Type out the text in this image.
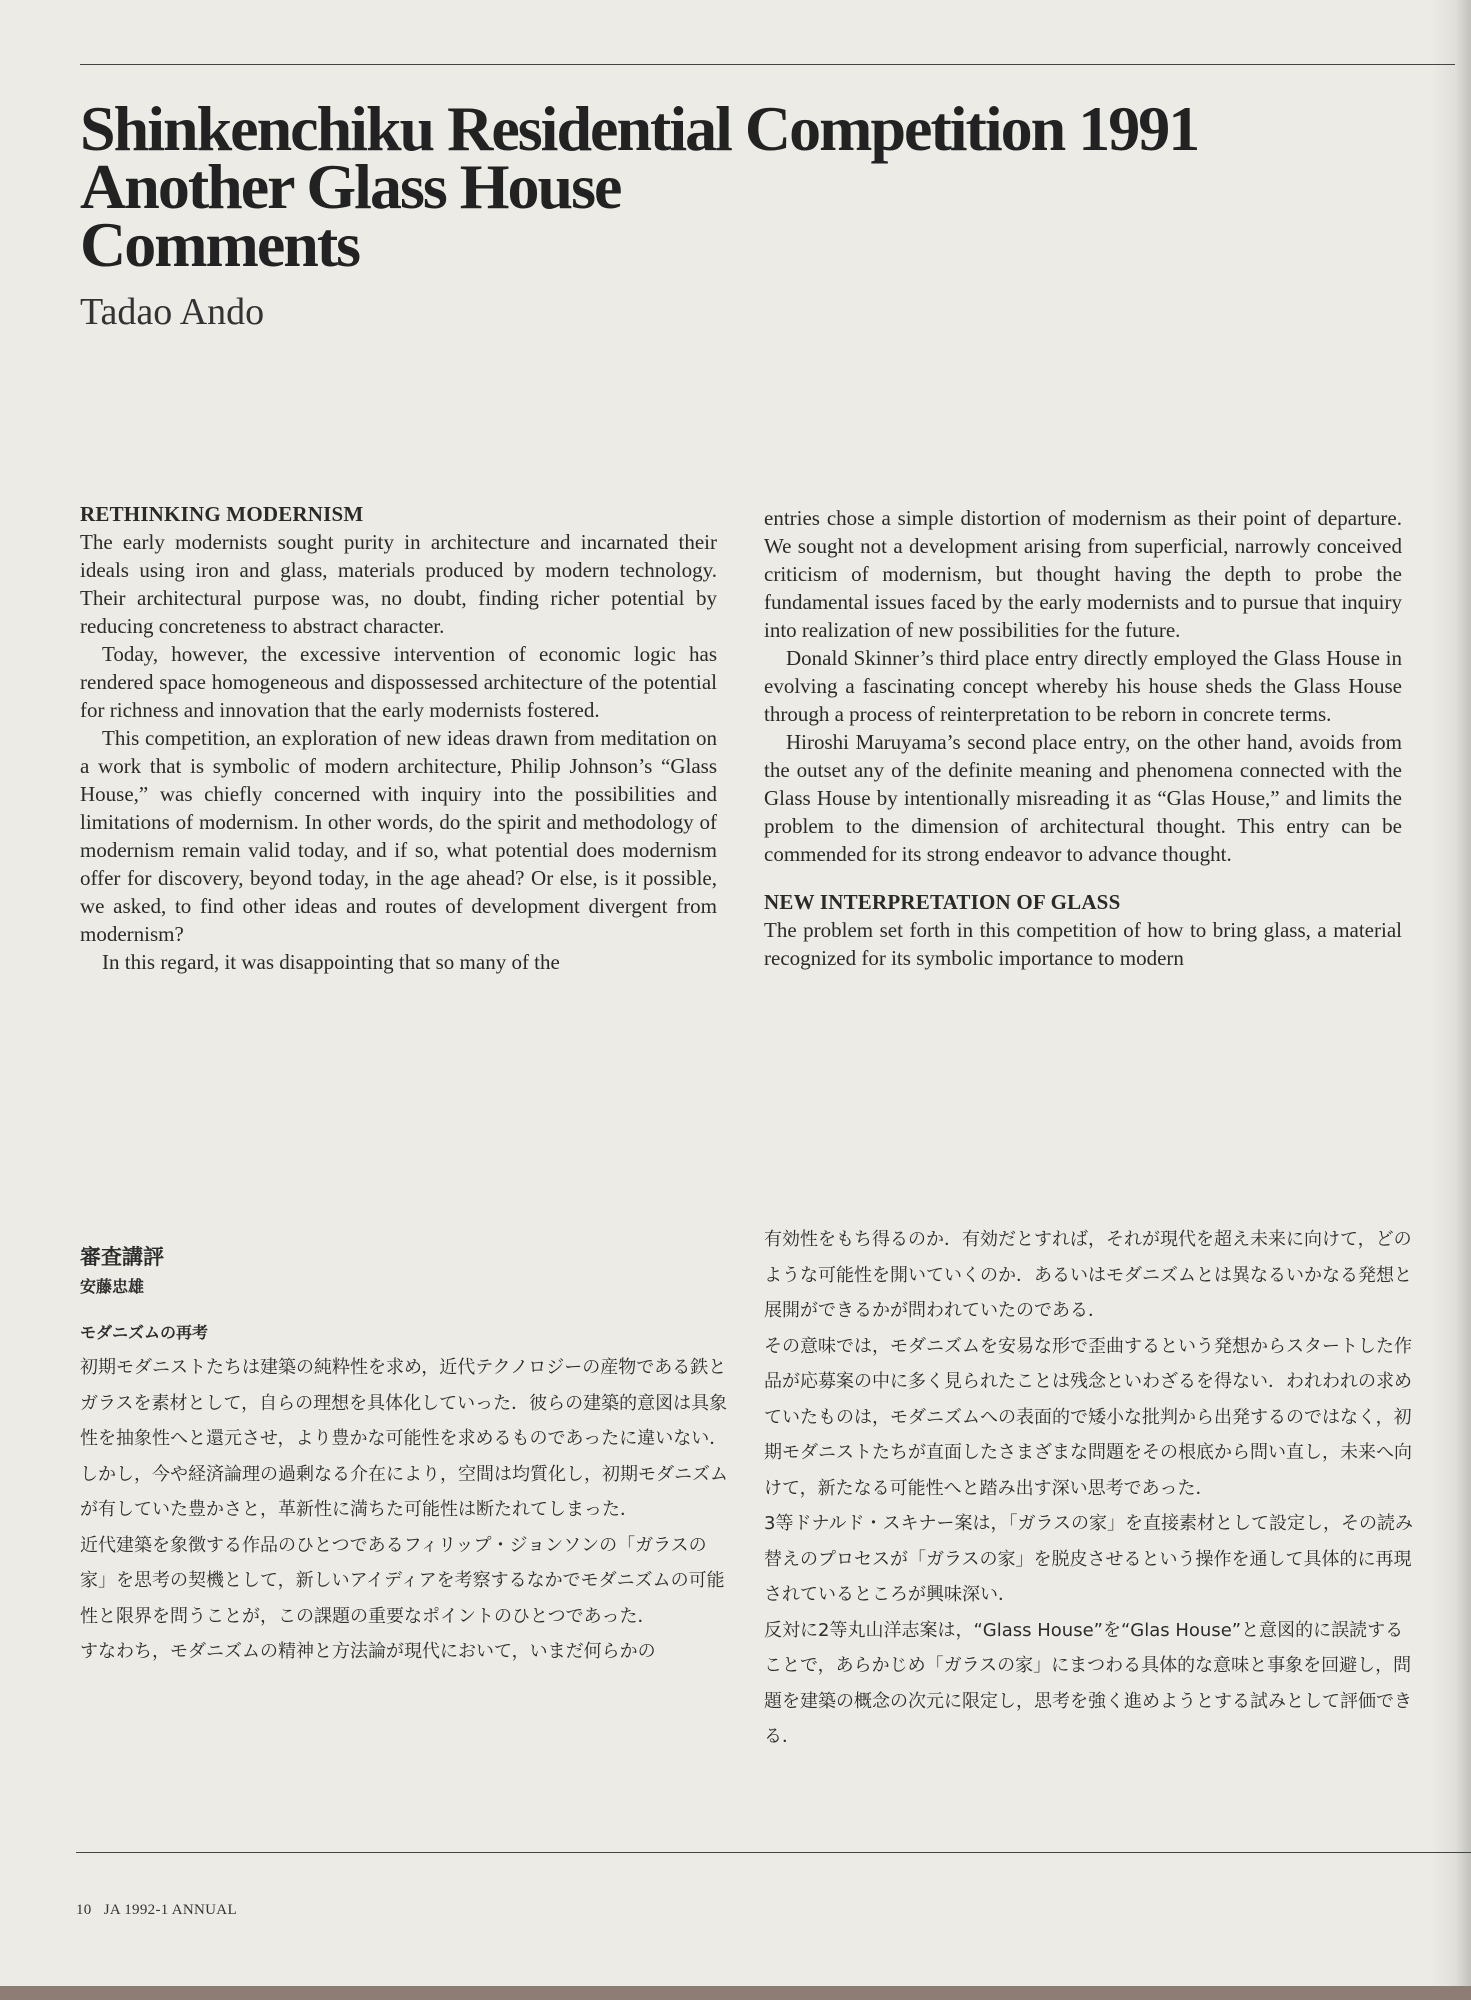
Shinkenchiku Residential Competition 1991
Another Glass House
Comments
Tadao Ando
RETHINKING MODERNISM

The early modernists sought purity in architecture and incarnated their ideals using iron and glass, materials produced by modern technology. Their architectural purpose was, no doubt, finding richer potential by reducing concreteness to abstract character.

Today, however, the excessive intervention of economic logic has rendered space homogeneous and dispossessed architecture of the potential for richness and innovation that the early modernists fostered.

This competition, an exploration of new ideas drawn from meditation on a work that is symbolic of modern architecture, Philip Johnson’s “Glass House,” was chiefly concerned with inquiry into the possibilities and limitations of modernism. In other words, do the spirit and methodology of modernism remain valid today, and if so, what potential does modernism offer for discovery, beyond today, in the age ahead? Or else, is it possible, we asked, to find other ideas and routes of development divergent from modernism?

In this regard, it was disappointing that so many of the

entries chose a simple distortion of modernism as their point of departure. We sought not a development arising from superficial, narrowly conceived criticism of modernism, but thought having the depth to probe the fundamental issues faced by the early modernists and to pursue that inquiry into realization of new possibilities for the future.

Donald Skinner’s third place entry directly employed the Glass House in evolving a fascinating concept whereby his house sheds the Glass House through a process of reinterpretation to be reborn in concrete terms.

Hiroshi Maruyama’s second place entry, on the other hand, avoids from the outset any of the definite meaning and phenomena connected with the Glass House by intentionally misreading it as “Glas House,” and limits the problem to the dimension of architectural thought. This entry can be commended for its strong endeavor to advance thought.

NEW INTERPRETATION OF GLASS

The problem set forth in this competition of how to bring glass, a material recognized for its symbolic importance to modern

審査講評
安藤忠雄
モダニズムの再考

初期モダニストたちは建築の純粋性を求め，近代テクノロジーの産物である鉄とガラスを素材として，自らの理想を具体化していった．彼らの建築的意図は具象性を抽象性へと還元させ，より豊かな可能性を求めるものであったに違いない．

しかし，今や経済論理の過剰なる介在により，空間は均質化し，初期モダニズムが有していた豊かさと，革新性に満ちた可能性は断たれてしまった．

近代建築を象徴する作品のひとつであるフィリップ・ジョンソンの「ガラスの家」を思考の契機として，新しいアイディアを考察するなかでモダニズムの可能性と限界を問うことが，この課題の重要なポイントのひとつであった．

すなわち，モダニズムの精神と方法論が現代において，いまだ何らかの

有効性をもち得るのか．有効だとすれば，それが現代を超え未来に向けて，どのような可能性を開いていくのか．あるいはモダニズムとは異なるいかなる発想と展開ができるかが問われていたのである．

その意味では，モダニズムを安易な形で歪曲するという発想からスタートした作品が応募案の中に多く見られたことは残念といわざるを得ない．われわれの求めていたものは，モダニズムへの表面的で矮小な批判から出発するのではなく，初期モダニストたちが直面したさまざまな問題をその根底から問い直し，未来へ向けて，新たなる可能性へと踏み出す深い思考であった．

3等ドナルド・スキナー案は，「ガラスの家」を直接素材として設定し，その読み替えのプロセスが「ガラスの家」を脱皮させるという操作を通して具体的に再現されているところが興味深い．

反対に2等丸山洋志案は，“Glass House”を“Glas House”と意図的に誤読することで，あらかじめ「ガラスの家」にまつわる具体的な意味と事象を回避し，問題を建築の概念の次元に限定し，思考を強く進めようとする試みとして評価できる．

10 JA 1992-1 ANNUAL
